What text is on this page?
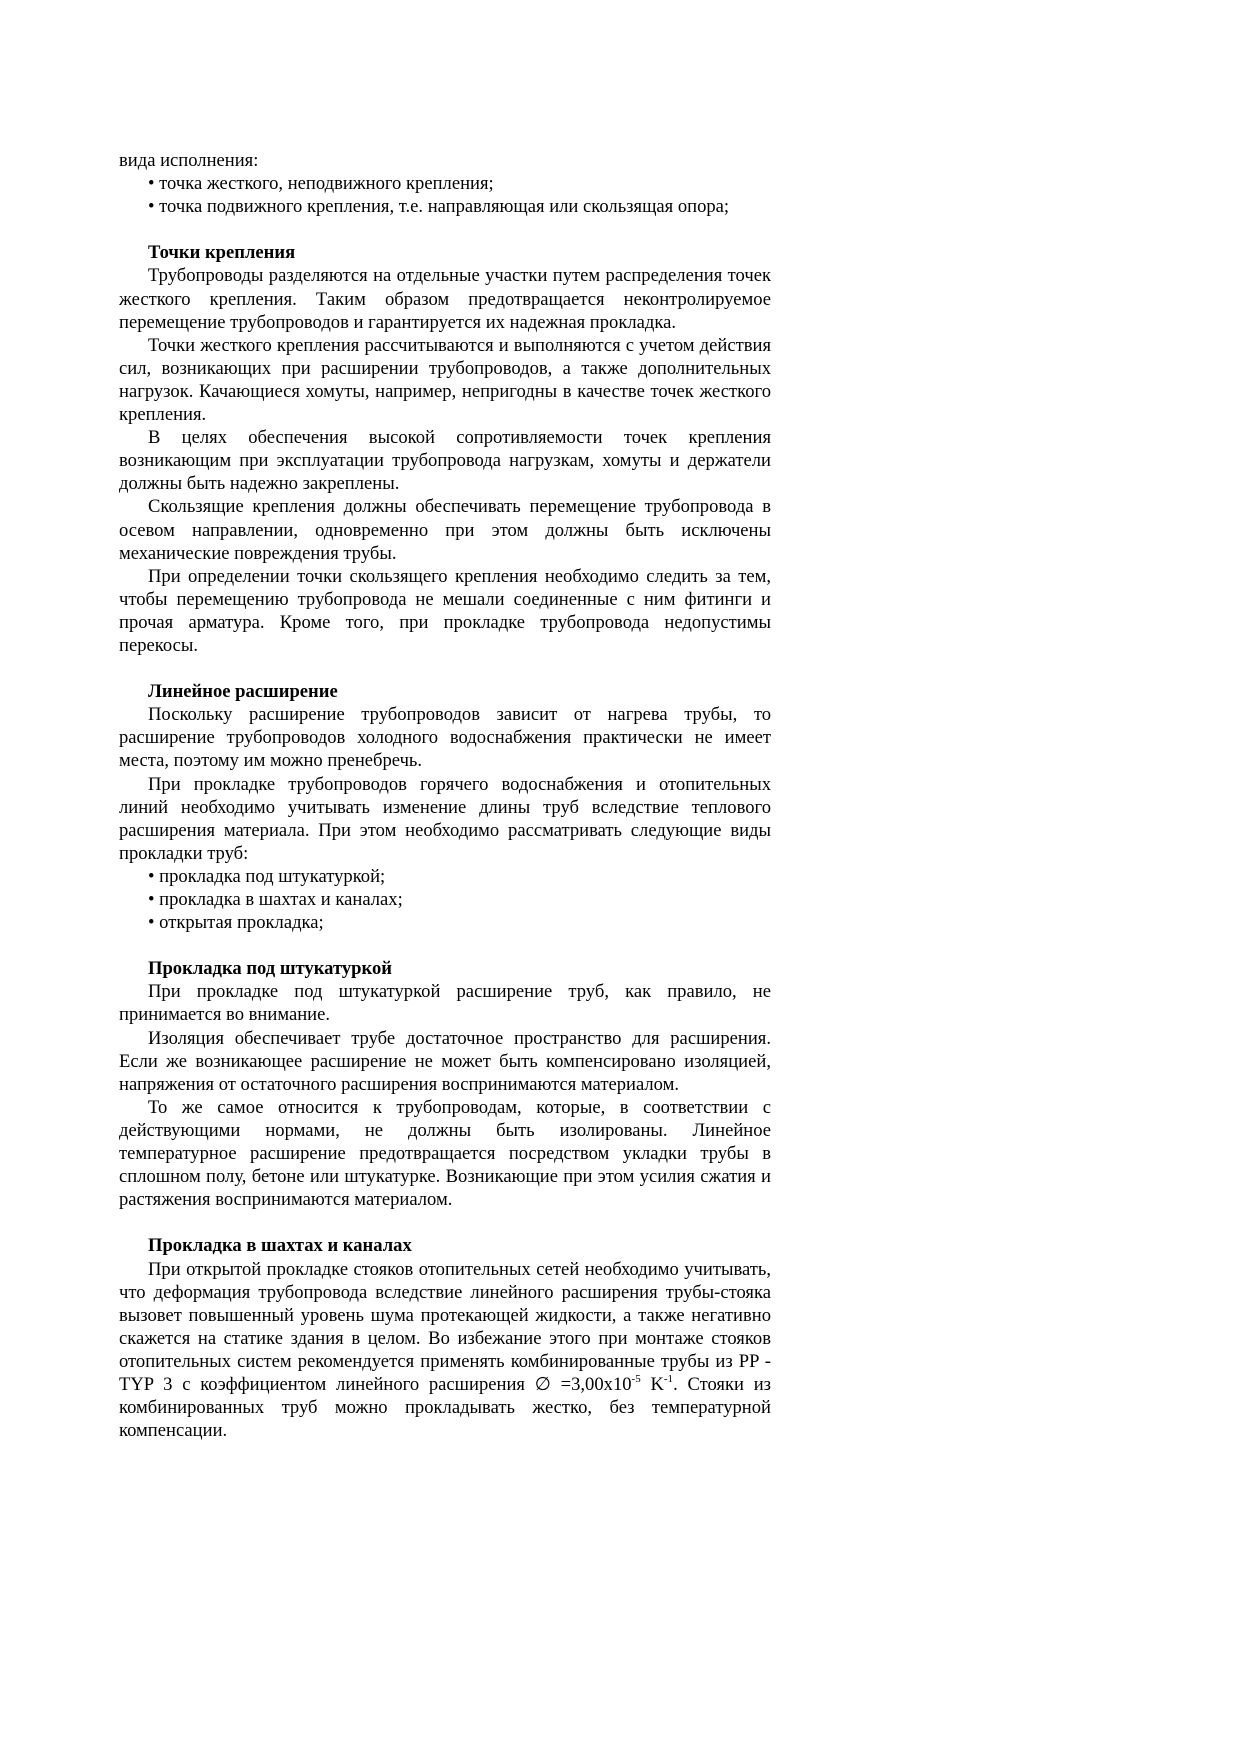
вида исполнения:

• точка жесткого, неподвижного крепления;

• точка подвижного крепления, т.е. направляющая или скользящая опора;

Точки крепления

Трубопроводы разделяются на отдельные участки путем распределения точек жесткого крепления. Таким образом предотвращается неконтролируемое перемещение трубопроводов и гарантируется их надежная прокладка.

Точки жесткого крепления рассчитываются и выполняются с учетом действия сил, возникающих при расширении трубопроводов, а также дополнительных нагрузок. Качающиеся хомуты, например, непригодны в качестве точек жесткого крепления.

В целях обеспечения высокой сопротивляемости точек крепления возникающим при эксплуатации трубопровода нагрузкам, хомуты и держатели должны быть надежно закреплены.

Скользящие крепления должны обеспечивать перемещение трубопровода в осевом направлении, одновременно при этом должны быть исключены механические повреждения трубы.

При определении точки скользящего крепления необходимо следить за тем, чтобы перемещению трубопровода не мешали соединенные с ним фитинги и прочая арматура. Кроме того, при прокладке трубопровода недопустимы перекосы.

Линейное расширение

Поскольку расширение трубопроводов зависит от нагрева трубы, то расширение трубопроводов холодного водоснабжения практически не имеет места, поэтому им можно пренебречь.

При прокладке трубопроводов горячего водоснабжения и отопительных линий необходимо учитывать изменение длины труб вследствие теплового расширения материала. При этом необходимо рассматривать следующие виды прокладки труб:

• прокладка под штукатуркой;

• прокладка в шахтах и каналах;

• открытая прокладка;

Прокладка под штукатуркой

При прокладке под штукатуркой расширение труб, как правило, не принимается во внимание.

Изоляция обеспечивает трубе достаточное пространство для расширения. Если же возникающее расширение не может быть компенсировано изоляцией, напряжения от остаточного расширения воспринимаются материалом.

То же самое относится к трубопроводам, которые, в соответствии с действующими нормами, не должны быть изолированы. Линейное температурное расширение предотвращается посредством укладки трубы в сплошном полу, бетоне или штукатурке. Возникающие при этом усилия сжатия и растяжения воспринимаются материалом.

Прокладка в шахтах и каналах

При открытой прокладке стояков отопительных сетей необходимо учитывать, что деформация трубопровода вследствие линейного расширения трубы-стояка вызовет повышенный уровень шума протекающей жидкости, а также негативно скажется на статике здания в целом. Во избежание этого при монтаже стояков отопительных систем рекомендуется применять комбинированные трубы из PP - TYP 3 с коэффициентом линейного расширения ∅ $=3,00x10^{-5}$ $K^{-1}$. Стояки из комбинированных труб можно прокладывать жестко, без температурной компенсации.
